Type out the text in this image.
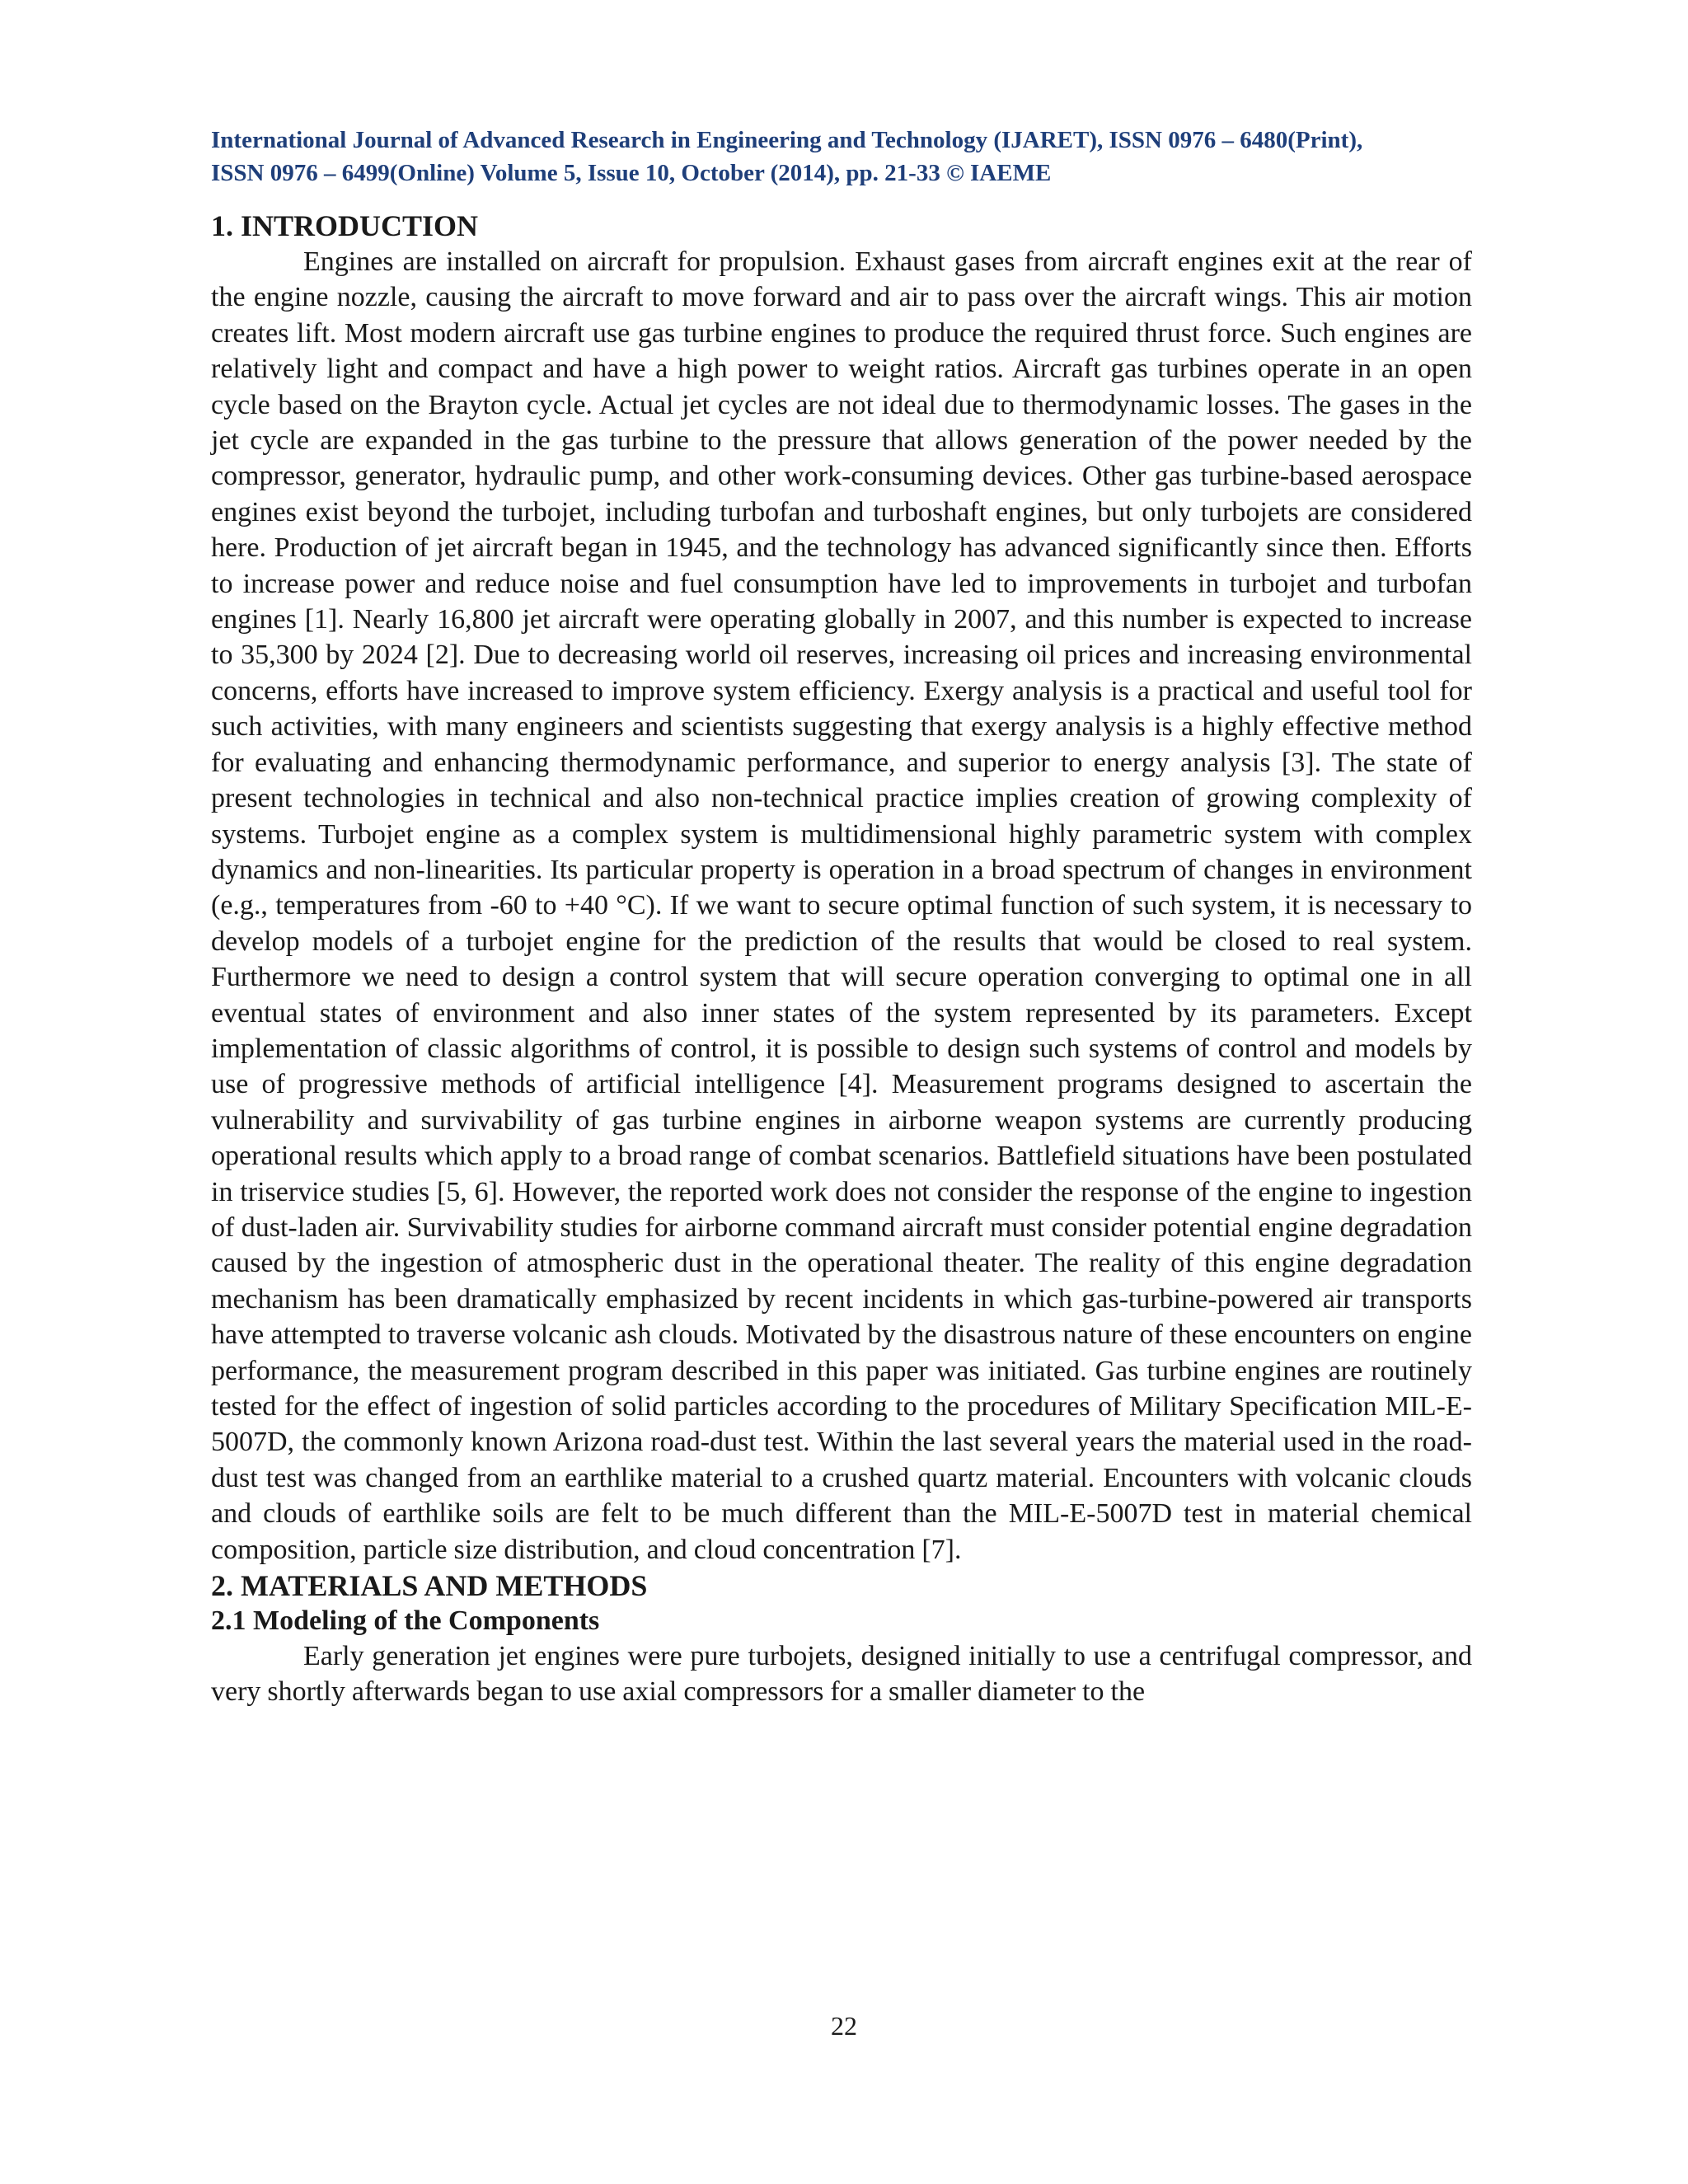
International Journal of Advanced Research in Engineering and Technology (IJARET), ISSN 0976 – 6480(Print),
ISSN 0976 – 6499(Online) Volume 5, Issue 10, October (2014), pp. 21-33 © IAEME
1. INTRODUCTION

Engines are installed on aircraft for propulsion. Exhaust gases from aircraft engines exit at the rear of the engine nozzle, causing the aircraft to move forward and air to pass over the aircraft wings. This air motion creates lift. Most modern aircraft use gas turbine engines to produce the required thrust force. Such engines are relatively light and compact and have a high power to weight ratios. Aircraft gas turbines operate in an open cycle based on the Brayton cycle. Actual jet cycles are not ideal due to thermodynamic losses. The gases in the jet cycle are expanded in the gas turbine to the pressure that allows generation of the power needed by the compressor, generator, hydraulic pump, and other work-consuming devices. Other gas turbine-based aerospace engines exist beyond the turbojet, including turbofan and turboshaft engines, but only turbojets are considered here. Production of jet aircraft began in 1945, and the technology has advanced significantly since then. Efforts to increase power and reduce noise and fuel consumption have led to improvements in turbojet and turbofan engines [1]. Nearly 16,800 jet aircraft were operating globally in 2007, and this number is expected to increase to 35,300 by 2024 [2]. Due to decreasing world oil reserves, increasing oil prices and increasing environmental concerns, efforts have increased to improve system efficiency. Exergy analysis is a practical and useful tool for such activities, with many engineers and scientists suggesting that exergy analysis is a highly effective method for evaluating and enhancing thermodynamic performance, and superior to energy analysis [3]. The state of present technologies in technical and also non-technical practice implies creation of growing complexity of systems. Turbojet engine as a complex system is multidimensional highly parametric system with complex dynamics and non-linearities. Its particular property is operation in a broad spectrum of changes in environment (e.g., temperatures from -60 to +40 °C). If we want to secure optimal function of such system, it is necessary to develop models of a turbojet engine for the prediction of the results that would be closed to real system. Furthermore we need to design a control system that will secure operation converging to optimal one in all eventual states of environment and also inner states of the system represented by its parameters. Except implementation of classic algorithms of control, it is possible to design such systems of control and models by use of progressive methods of artificial intelligence [4]. Measurement programs designed to ascertain the vulnerability and survivability of gas turbine engines in airborne weapon systems are currently producing operational results which apply to a broad range of combat scenarios. Battlefield situations have been postulated in triservice studies [5, 6]. However, the reported work does not consider the response of the engine to ingestion of dust-laden air. Survivability studies for airborne command aircraft must consider potential engine degradation caused by the ingestion of atmospheric dust in the operational theater. The reality of this engine degradation mechanism has been dramatically emphasized by recent incidents in which gas-turbine-powered air transports have attempted to traverse volcanic ash clouds. Motivated by the disastrous nature of these encounters on engine performance, the measurement program described in this paper was initiated. Gas turbine engines are routinely tested for the effect of ingestion of solid particles according to the procedures of Military Specification MIL-E-5007D, the commonly known Arizona road-dust test. Within the last several years the material used in the road-dust test was changed from an earthlike material to a crushed quartz material. Encounters with volcanic clouds and clouds of earthlike soils are felt to be much different than the MIL-E-5007D test in material chemical composition, particle size distribution, and cloud concentration [7].

2. MATERIALS AND METHODS
2.1 Modeling of the Components

Early generation jet engines were pure turbojets, designed initially to use a centrifugal compressor, and very shortly afterwards began to use axial compressors for a smaller diameter to the

22
